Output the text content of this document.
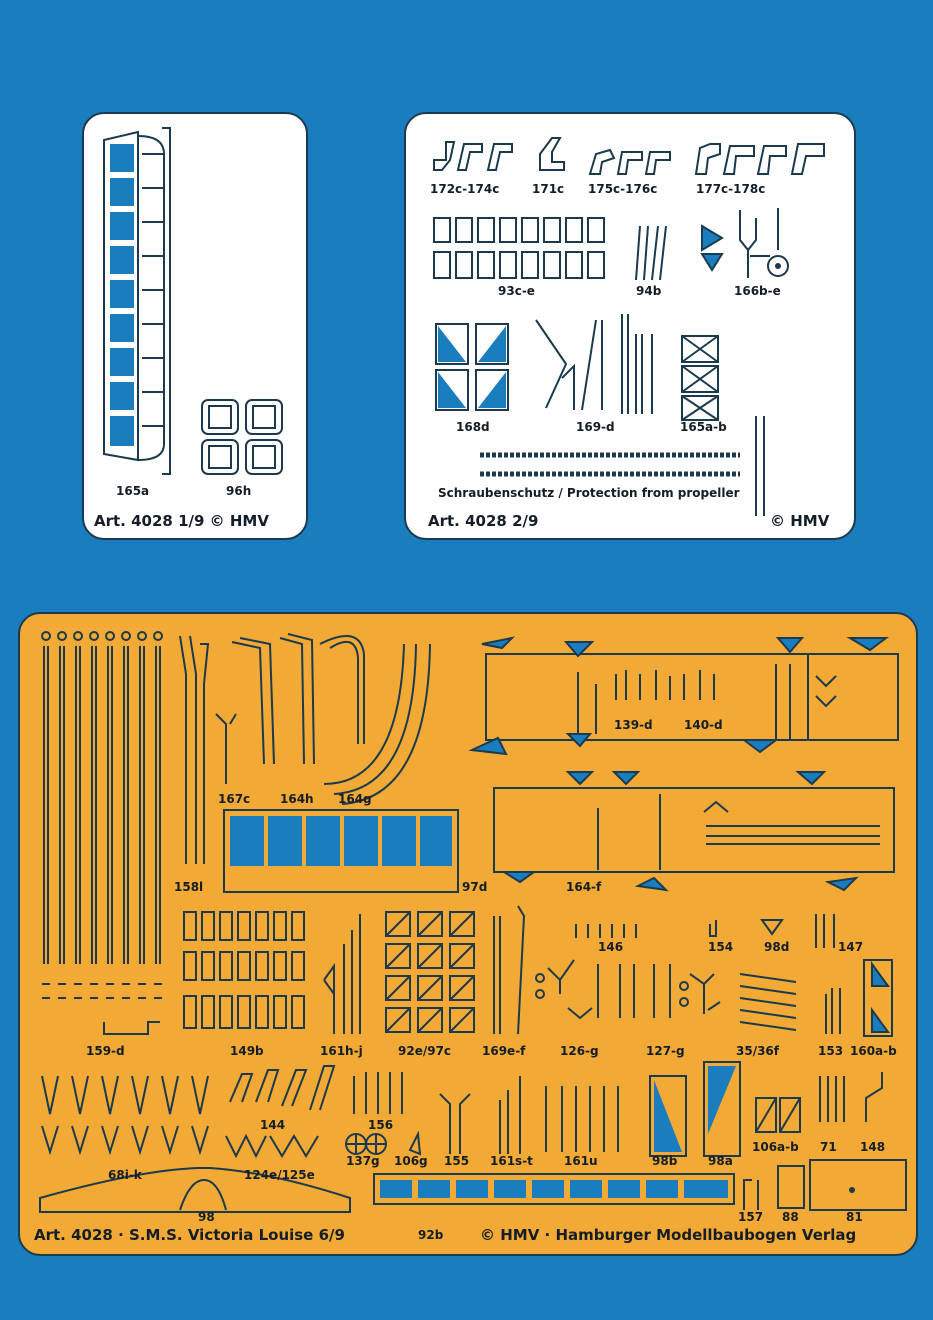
165a	96h
Art. 4028 1/9 © HMV
172c-174c	171c 175c-176c	177c-178c
93c-e	94b	166b-e
168d	169-d	165a-b
Schraubenschutz / Protection from propeller
Art. 4028 2/9	© HMV
139-d	140-d
167c 164h 164g
158l	97d	164-f
146	154	98d	147
159-d	149b	161h-j	92e/97c	169e-f	126-g	127-g	35/36f	153 160a-b
144	156
106a-b 71 148
68i-k	124e/125e
137g 106g 155 161s-t	161u	98b	98a
157 88	81
98
92b
Art. 4028 · S.M.S. Victoria Louise 6/9	© HMV · Hamburger Modellbaubogen Verlag
